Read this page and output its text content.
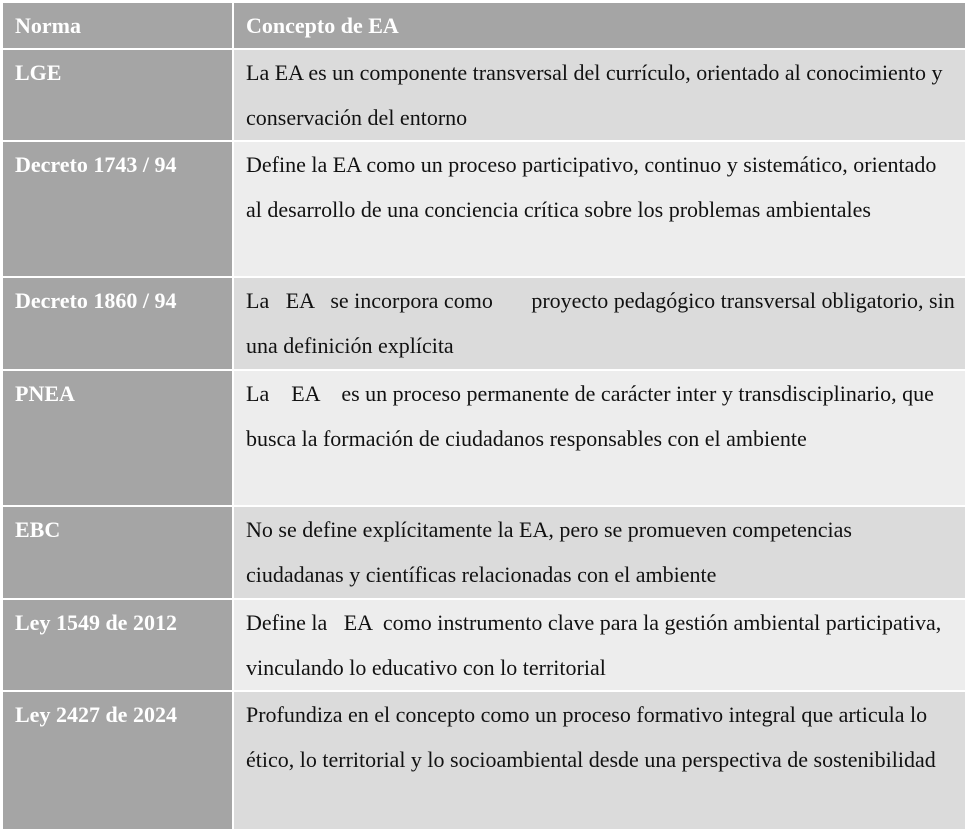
Norma	Concepto de EA
LGE	La EA es un componente transversal del currículo, orientado al conocimiento y conservación del entorno
Decreto 1743 / 94	Define la EA como un proceso participativo, continuo y sistemático, orientado al desarrollo de una conciencia crítica sobre los problemas ambientales
Decreto 1860 / 94	La   EA   se incorpora como       proyecto pedagógico transversal obligatorio, sin una definición explícita
PNEA	La    EA    es un proceso permanente de carácter inter y transdisciplinario, que busca la formación de ciudadanos responsables con el ambiente
EBC	No se define explícitamente la EA, pero se promueven competencias ciudadanas y científicas relacionadas con el ambiente
Ley 1549 de 2012	Define la   EA  como instrumento clave para la gestión ambiental participativa, vinculando lo educativo con lo territorial
Ley 2427 de 2024	Profundiza en el concepto como un proceso formativo integral que articula lo ético, lo territorial y lo socioambiental desde una perspectiva de sostenibilidad
